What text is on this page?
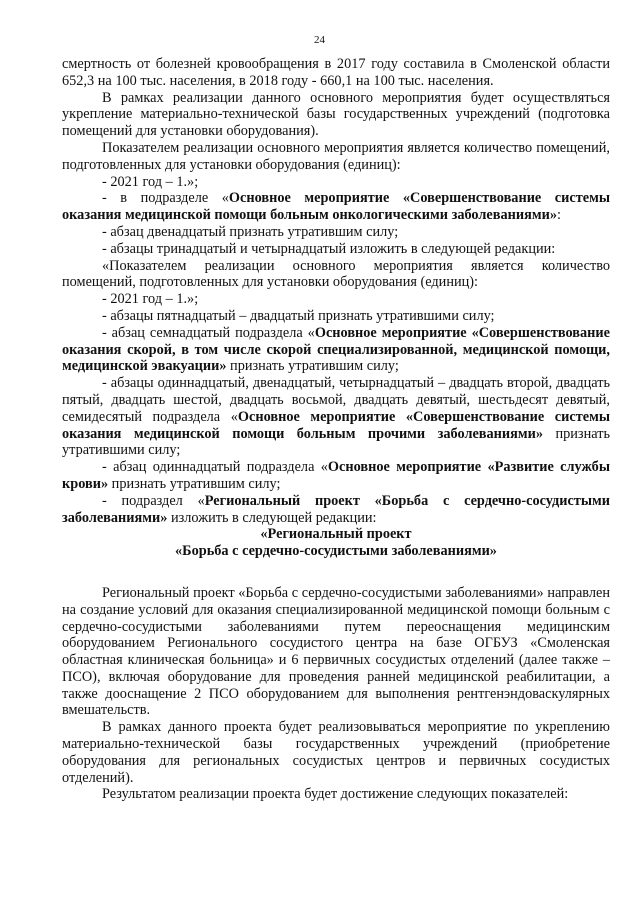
24

смертность от болезней кровообращения в 2017 году составила в Смоленской области 652,3 на 100 тыс. населения, в 2018 году - 660,1 на 100 тыс. населения.

В рамках реализации данного основного мероприятия будет осуществляться укрепление материально-технической базы государственных учреждений (подготовка помещений для установки оборудования).

Показателем реализации основного мероприятия является количество помещений, подготовленных для установки оборудования (единиц):

- 2021 год – 1.»;

- в подразделе «Основное мероприятие «Совершенствование системы оказания медицинской помощи больным онкологическими заболеваниями»:

- абзац двенадцатый признать утратившим силу;

- абзацы тринадцатый и четырнадцатый изложить в следующей редакции:

«Показателем реализации основного мероприятия является количество помещений, подготовленных для установки оборудования (единиц):

- 2021 год – 1.»;

- абзацы пятнадцатый – двадцатый признать утратившими силу;

- абзац семнадцатый подраздела «Основное мероприятие «Совершенствование оказания скорой, в том числе скорой специализированной, медицинской помощи, медицинской эвакуации» признать утратившим силу;

- абзацы одиннадцатый, двенадцатый, четырнадцатый – двадцать второй, двадцать пятый, двадцать шестой, двадцать восьмой, двадцать девятый, шестьдесят девятый, семидесятый подраздела «Основное мероприятие «Совершенствование системы оказания медицинской помощи больным прочими заболеваниями» признать утратившими силу;

- абзац одиннадцатый подраздела «Основное мероприятие «Развитие службы крови» признать утратившим силу;

- подраздел «Региональный проект «Борьба с сердечно-сосудистыми заболеваниями» изложить в следующей редакции:

«Региональный проект

«Борьба с сердечно-сосудистыми заболеваниями»

Региональный проект «Борьба с сердечно-сосудистыми заболеваниями» направлен на создание условий для оказания специализированной медицинской помощи больным с сердечно-сосудистыми заболеваниями путем переоснащения медицинским оборудованием Регионального сосудистого центра на базе ОГБУЗ «Смоленская областная клиническая больница» и 6 первичных сосудистых отделений (далее также – ПСО), включая оборудование для проведения ранней медицинской реабилитации, а также дооснащение 2 ПСО оборудованием для выполнения рентгенэндоваскулярных вмешательств.

В рамках данного проекта будет реализовываться мероприятие по укреплению материально-технической базы государственных учреждений (приобретение оборудования для региональных сосудистых центров и первичных сосудистых отделений).

Результатом реализации проекта будет достижение следующих показателей:
